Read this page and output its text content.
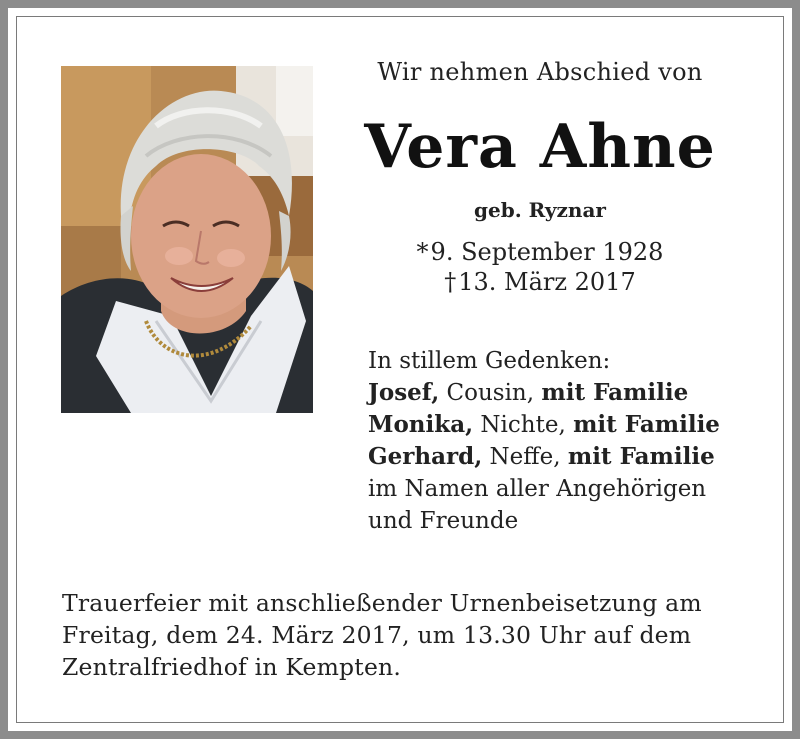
Wir nehmen Abschied von
Vera Ahne
geb. Ryznar
*9. September 1928
†13. März 2017
In stillem Gedenken:
Josef, Cousin, mit Familie
Monika, Nichte, mit Familie
Gerhard, Neffe, mit Familie
im Namen aller Angehörigen
und Freunde
Trauerfeier mit anschließender Urnenbeisetzung am
Freitag, dem 24. März 2017, um 13.30 Uhr auf dem
Zentralfriedhof in Kempten.
